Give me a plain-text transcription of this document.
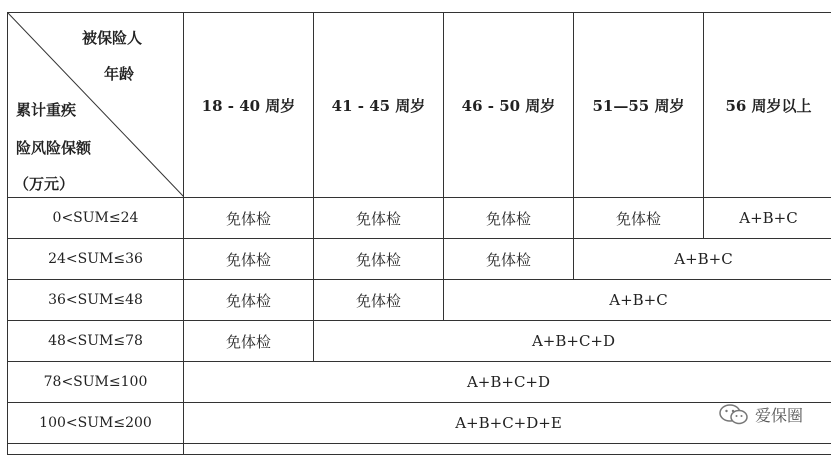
被保险人
年龄
累计重疾
险风险保额
（万元）	18 - 40 周岁	41 - 45 周岁	46 - 50 周岁	51—55 周岁	56 周岁以上
0<SUM≤24	免体检	免体检	免体检	免体检	A+B+C
24<SUM≤36	免体检	免体检	免体检	A+B+C	
36<SUM≤48	免体检	免体检	A+B+C		
48<SUM≤78	免体检	A+B+C+D			
78<SUM≤100	A+B+C+D				
100<SUM≤200	A+B+C+D+E				
		爱保圈
